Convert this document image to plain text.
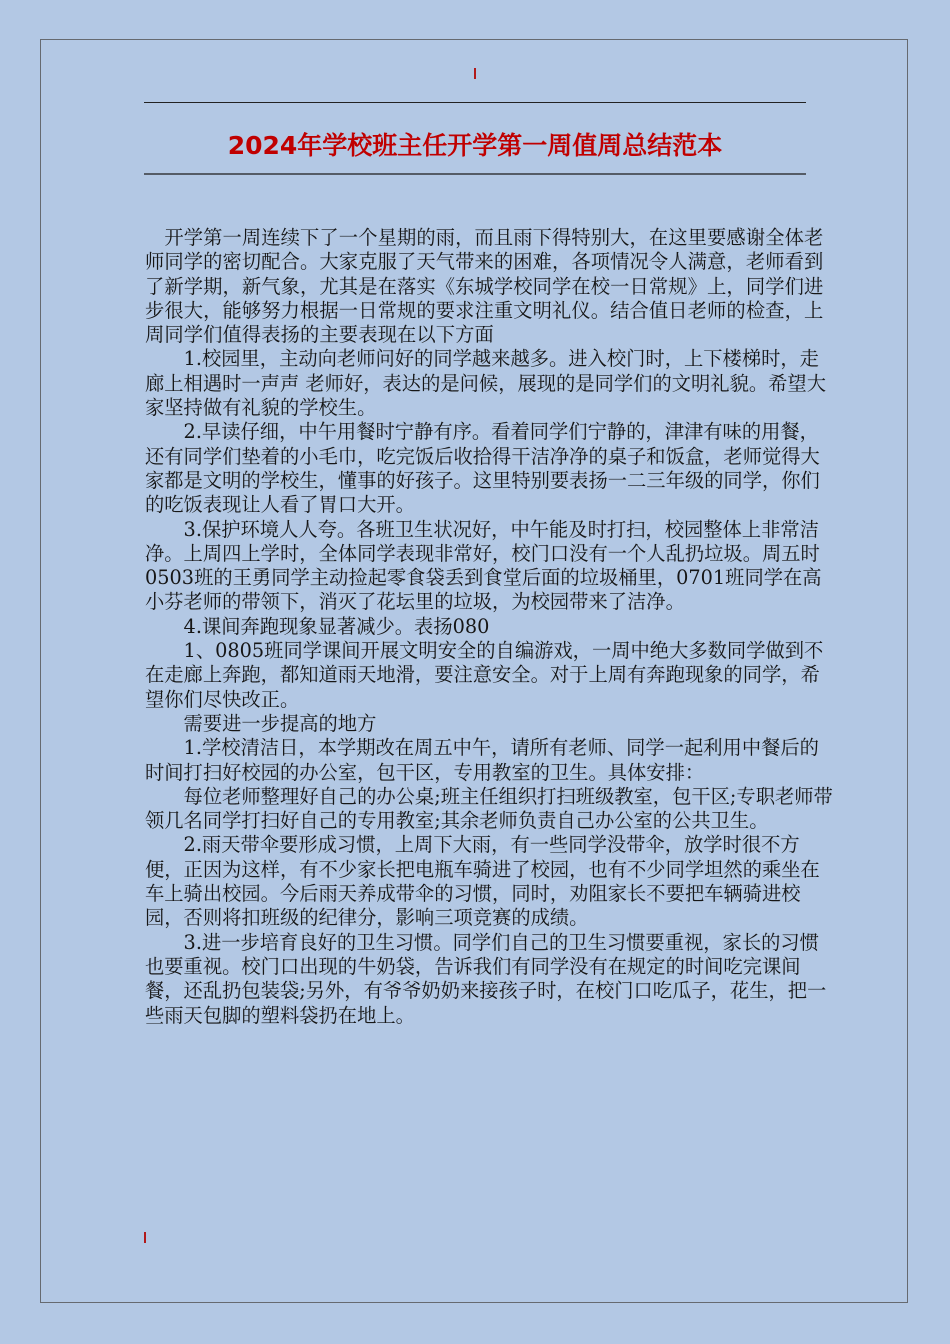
2024年学校班主任开学第一周值周总结范本

　开学第一周连续下了一个星期的雨，而且雨下得特别大，在这里要感谢全体老师同学的密切配合。大家克服了天气带来的困难，各项情况令人满意，老师看到了新学期，新气象，尤其是在落实《东城学校同学在校一日常规》上，同学们进步很大，能够努力根据一日常规的要求注重文明礼仪。结合值日老师的检查，上周同学们值得表扬的主要表现在以下方面

　　1.校园里，主动向老师问好的同学越来越多。进入校门时，上下楼梯时，走廊上相遇时一声声 老师好，表达的是问候，展现的是同学们的文明礼貌。希望大家坚持做有礼貌的学校生。

　　2.早读仔细，中午用餐时宁静有序。看着同学们宁静的，津津有味的用餐，还有同学们垫着的小毛巾，吃完饭后收拾得干洁净净的桌子和饭盒，老师觉得大家都是文明的学校生，懂事的好孩子。这里特别要表扬一二三年级的同学，你们的吃饭表现让人看了胃口大开。

　　3.保护环境人人夸。各班卫生状况好，中午能及时打扫，校园整体上非常洁净。上周四上学时，全体同学表现非常好，校门口没有一个人乱扔垃圾。周五时0503班的王勇同学主动捡起零食袋丢到食堂后面的垃圾桶里，0701班同学在高小芬老师的带领下，消灭了花坛里的垃圾，为校园带来了洁净。

　　4.课间奔跑现象显著减少。表扬080

　　1、0805班同学课间开展文明安全的自编游戏，一周中绝大多数同学做到不在走廊上奔跑，都知道雨天地滑，要注意安全。对于上周有奔跑现象的同学，希望你们尽快改正。

　　需要进一步提高的地方

　　1.学校清洁日，本学期改在周五中午，请所有老师、同学一起利用中餐后的时间打扫好校园的办公室，包干区，专用教室的卫生。具体安排：

　　每位老师整理好自己的办公桌;班主任组织打扫班级教室，包干区;专职老师带领几名同学打扫好自己的专用教室;其余老师负责自己办公室的公共卫生。

　　2.雨天带伞要形成习惯，上周下大雨，有一些同学没带伞，放学时很不方便，正因为这样，有不少家长把电瓶车骑进了校园，也有不少同学坦然的乘坐在车上骑出校园。今后雨天养成带伞的习惯，同时，劝阻家长不要把车辆骑进校园，否则将扣班级的纪律分，影响三项竞赛的成绩。

　　3.进一步培育良好的卫生习惯。同学们自己的卫生习惯要重视，家长的习惯也要重视。校门口出现的牛奶袋，告诉我们有同学没有在规定的时间吃完课间餐，还乱扔包装袋;另外，有爷爷奶奶来接孩子时，在校门口吃瓜子，花生，把一些雨天包脚的塑料袋扔在地上。
